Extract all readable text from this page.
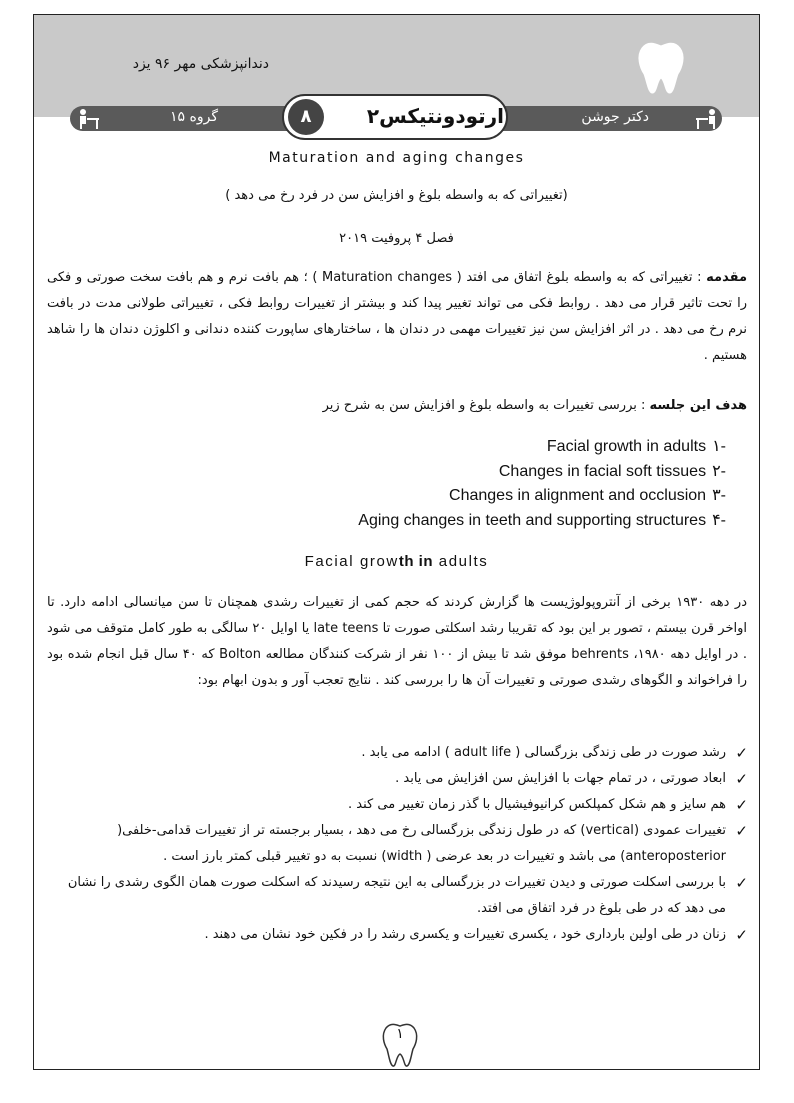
دندانپزشکی مهر ۹۶ یزد
گروه ۱۵	دکتر جوشن
۸	ارتودونتیکس۲
Maturation and aging changes
(تغییراتی که به واسطه بلوغ و افزایش سن در فرد رخ می دهد )
فصل ۴ پروفیت ۲۰۱۹
مقدمه : تغییراتی که به واسطه بلوغ اتفاق می افتد ( Maturation changes ) ؛ هم بافت نرم و هم بافت سخت صورتی و فکی را تحت تاثیر قرار می دهد . روابط فکی می تواند تغییر پیدا کند و بیشتر از تغییرات روابط فکی ، تغییراتی طولانی مدت در بافت نرم رخ می دهد . در اثر افزایش سن نیز تغییرات مهمی در دندان ها ، ساختارهای ساپورت کننده دندانی و اکلوژن دندان ها را شاهد هستیم .
هدف این جلسه : بررسی تغییرات به واسطه بلوغ و افزایش سن به شرح زیر
-۱Facial growth in adults
-۲Changes in facial soft tissues
-۳Changes in alignment and occlusion
-۴Aging changes in teeth and supporting structures
Facial growth in adults
در دهه ۱۹۳۰ برخی از آنتروپولوژیست ها گزارش کردند که حجم کمی از تغییرات رشدی همچنان تا سن میانسالی ادامه دارد. تا اواخر قرن بیستم ، تصور بر این بود که تقریبا رشد اسکلتی صورت تا late teens یا اوایل ۲۰ سالگی به طور کامل متوقف می شود . در اوایل دهه ۱۹۸۰، behrents موفق شد تا بیش از ۱۰۰ نفر از شرکت کنندگان مطالعه Bolton که ۴۰ سال قبل انجام شده بود را فراخواند و الگوهای رشدی صورتی و تغییرات آن ها را بررسی کند . نتایج تعجب آور و بدون ابهام بود:
✓
رشد صورت در طی زندگی بزرگسالی ( adult life ) ادامه می یابد .
✓
ابعاد صورتی ، در تمام جهات با افزایش سن افزایش می یابد .
✓
هم سایز و هم شکل کمپلکس کرانیوفیشیال با گذر زمان تغییر می کند .
✓
تغییرات عمودی (vertical) که در طول زندگی بزرگسالی رخ می دهد ، بسیار برجسته تر از تغییرات قدامی-خلفی( anteroposterior) می باشد و تغییرات در بعد عرضی ( width) نسبت به دو تغییر قبلی کمتر بارز است .
✓
با بررسی اسکلت صورتی و دیدن تغییرات در بزرگسالی به این نتیجه رسیدند که اسکلت صورت همان الگوی رشدی را نشان می دهد که در طی بلوغ در فرد اتفاق می افتد.
✓
زنان در طی اولین بارداری خود ، یکسری تغییرات و یکسری رشد را در فکین خود نشان می دهند .
۱
